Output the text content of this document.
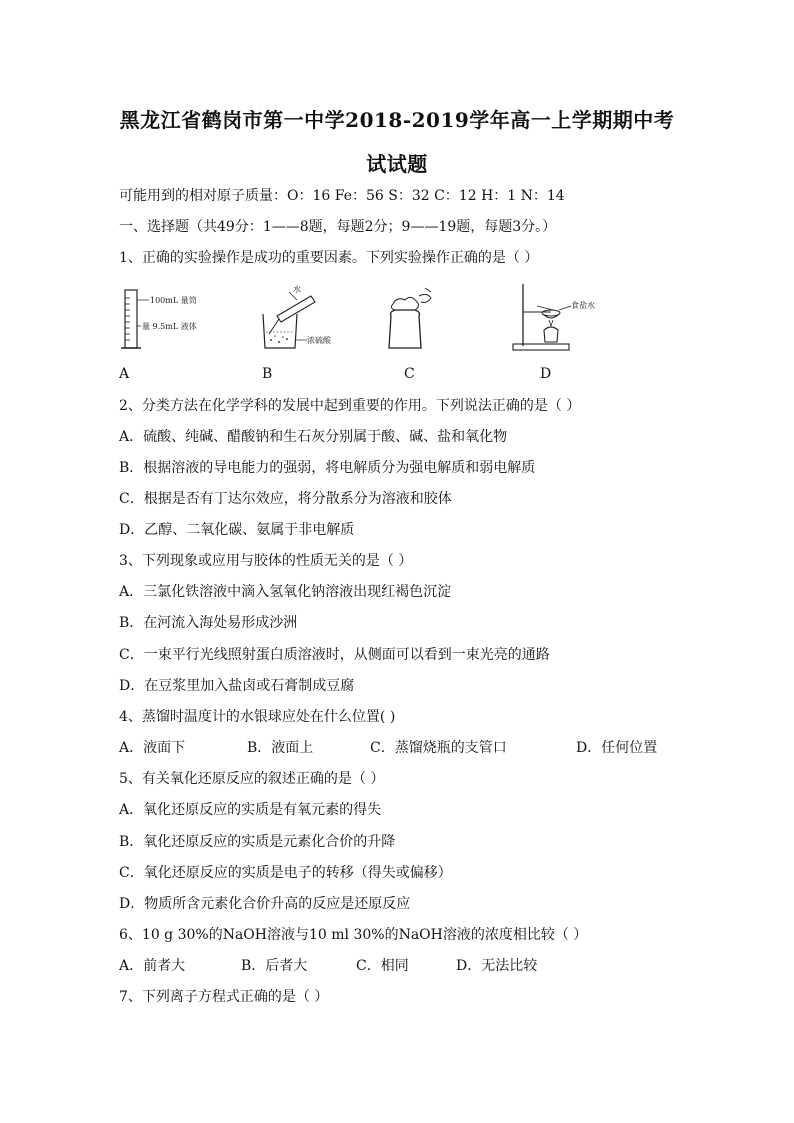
黑龙江省鹤岗市第一中学2018-2019学年高一上学期期中考
试试题
可能用到的相对原子质量：O：16 Fe：56 S：32 C：12 H：1 N：14
一、选择题（共49分：1——8题，每题2分；9——19题，每题3分。）
1、正确的实验操作是成功的重要因素。下列实验操作正确的是（ ）
100mL 量筒
量 9.5mL 液体
水
浓硫酸
食盐水
A	B	C	D
2、分类方法在化学学科的发展中起到重要的作用。下列说法正确的是（ ）
A．硫酸、纯碱、醋酸钠和生石灰分别属于酸、碱、盐和氧化物
B．根据溶液的导电能力的强弱，将电解质分为强电解质和弱电解质
C．根据是否有丁达尔效应，将分散系分为溶液和胶体
D．乙醇、二氧化碳、氨属于非电解质
3、下列现象或应用与胶体的性质无关的是（ ）
A．三氯化铁溶液中滴入氢氧化钠溶液出现红褐色沉淀
B．在河流入海处易形成沙洲
C．一束平行光线照射蛋白质溶液时，从侧面可以看到一束光亮的通路
D．在豆浆里加入盐卤或石膏制成豆腐
4、蒸馏时温度计的水银球应处在什么位置( )
A．液面下	B．液面上	C．蒸馏烧瓶的支管口	D．任何位置
5、有关氧化还原反应的叙述正确的是（ ）
A．氧化还原反应的实质是有氧元素的得失
B．氧化还原反应的实质是元素化合价的升降
C．氧化还原反应的实质是电子的转移（得失或偏移）
D．物质所含元素化合价升高的反应是还原反应
6、10 g 30%的NaOH溶液与10 ml 30%的NaOH溶液的浓度相比较（ ）
A．前者大	B．后者大	C．相同	D．无法比较
7、下列离子方程式正确的是（ ）
